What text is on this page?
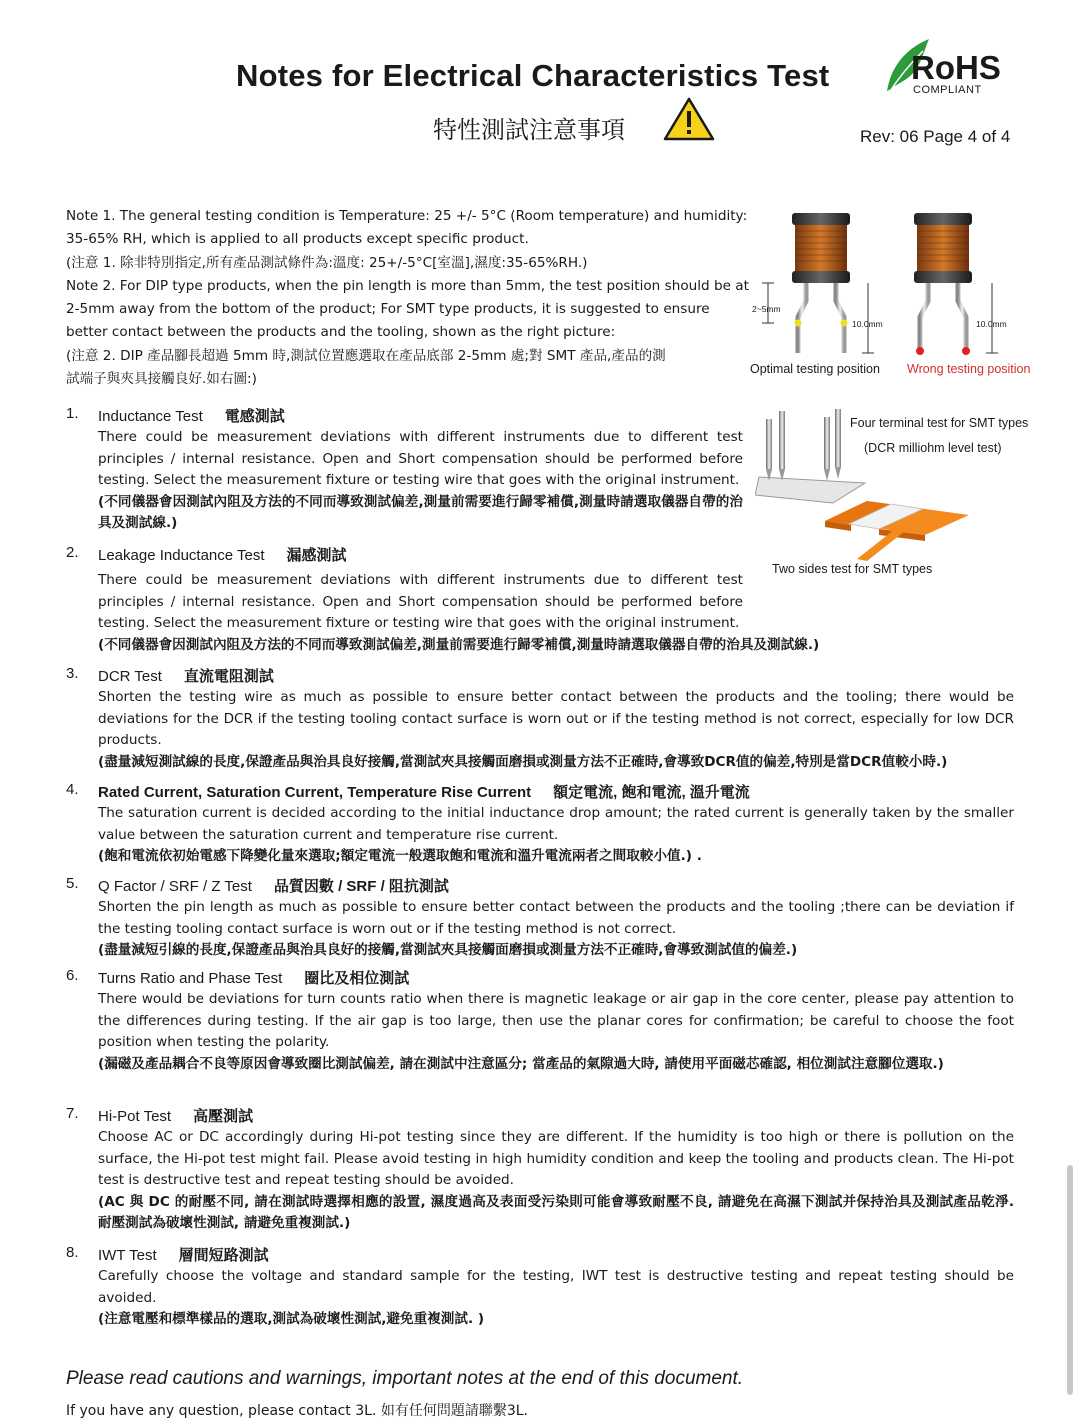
Notes for Electrical Characteristics Test
特性測試注意事項
RoHS
COMPLIANT
Rev: 06 Page 4 of 4
Note 1. The general testing condition is Temperature: 25 +/- 5°C (Room temperature) and humidity:
35-65% RH, which is applied to all products except specific product.
(注意 1. 除非特別指定,所有產品測試條件為:溫度: 25+/-5°C[室溫],濕度:35-65%RH.)
Note 2. For DIP type products, when the pin length is more than 5mm, the test position should be at
2-5mm away from the bottom of the product; For SMT type products, it is suggested to ensure
better contact between the products and the tooling, shown as the right picture:
(注意 2. DIP 產品腳長超過 5mm 時,測試位置應選取在產品底部 2-5mm 處;對 SMT 產品,產品的測
試端子與夾具接觸良好.如右圖:)
2~5mm
10.0mm	10.0mm
Optimal testing position Wrong testing position
Four terminal test for SMT types
(DCR milliohm level test)
Two sides test for SMT types
1. Inductance Test 電感測試
There could be measurement deviations with different instruments due to different test principles / internal resistance. Open and Short compensation should be performed before testing. Select the measurement fixture or testing wire that goes with the original instrument.
(不同儀器會因測試內阻及方法的不同而導致測試偏差,測量前需要進行歸零補償,測量時請選取儀器自帶的治具及測試線.)
2. Leakage Inductance Test 漏感測試
There could be measurement deviations with different instruments due to different test principles / internal resistance. Open and Short compensation should be performed before testing. Select the measurement fixture or testing wire that goes with the original instrument.
(不同儀器會因測試內阻及方法的不同而導致測試偏差,測量前需要進行歸零補償,測量時請選取儀器自帶的治具及測試線.)
3. DCR Test 直流電阻測試
Shorten the testing wire as much as possible to ensure better contact between the products and the tooling; there would be deviations for the DCR if the testing tooling contact surface is worn out or if the testing method is not correct, especially for low DCR products.
(盡量減短測試線的長度,保證產品與治具良好接觸,當測試夾具接觸面磨損或測量方法不正確時,會導致DCR值的偏差,特別是當DCR值較小時.)
4. Rated Current, Saturation Current, Temperature Rise Current 額定電流, 飽和電流, 溫升電流
The saturation current is decided according to the initial inductance drop amount; the rated current is generally taken by the smaller value between the saturation current and temperature rise current.
(飽和電流依初始電感下降變化量來選取;額定電流一般選取飽和電流和溫升電流兩者之間取較小值.) .
5. Q Factor / SRF / Z Test 品質因數 / SRF / 阻抗測試
Shorten the pin length as much as possible to ensure better contact between the products and the tooling ;there can be deviation if the testing tooling contact surface is worn out or if the testing method is not correct.
(盡量減短引線的長度,保證產品與治具良好的接觸,當測試夾具接觸面磨損或測量方法不正確時,會導致測試值的偏差.)
6. Turns Ratio and Phase Test 圈比及相位測試
There would be deviations for turn counts ratio when there is magnetic leakage or air gap in the core center, please pay attention to the differences during testing. If the air gap is too large, then use the planar cores for confirmation; be careful to choose the foot position when testing the polarity.
(漏磁及產品耦合不良等原因會導致圈比測試偏差, 請在測試中注意區分; 當產品的氣隙過大時, 請使用平面磁芯確認, 相位測試注意腳位選取.)
7. Hi-Pot Test 高壓測試
Choose AC or DC accordingly during Hi-pot testing since they are different. If the humidity is too high or there is pollution on the surface, the Hi-pot test might fail. Please avoid testing in high humidity condition and keep the tooling and products clean. The Hi-pot test is destructive test and repeat testing should be avoided.
(AC 與 DC 的耐壓不同, 請在測試時選擇相應的設置, 濕度過高及表面受污染則可能會導致耐壓不良, 請避免在高濕下測試并保持治具及測試產品乾淨. 耐壓測試為破壞性測試, 請避免重複測試.)
8. IWT Test 層間短路測試
Carefully choose the voltage and standard sample for the testing, IWT test is destructive testing and repeat testing should be avoided.
(注意電壓和標準樣品的選取,測試為破壞性測試,避免重複測試. )
Please read cautions and warnings, important notes at the end of this document.
If you have any question, please contact 3L. 如有任何問題請聯繫3L.
